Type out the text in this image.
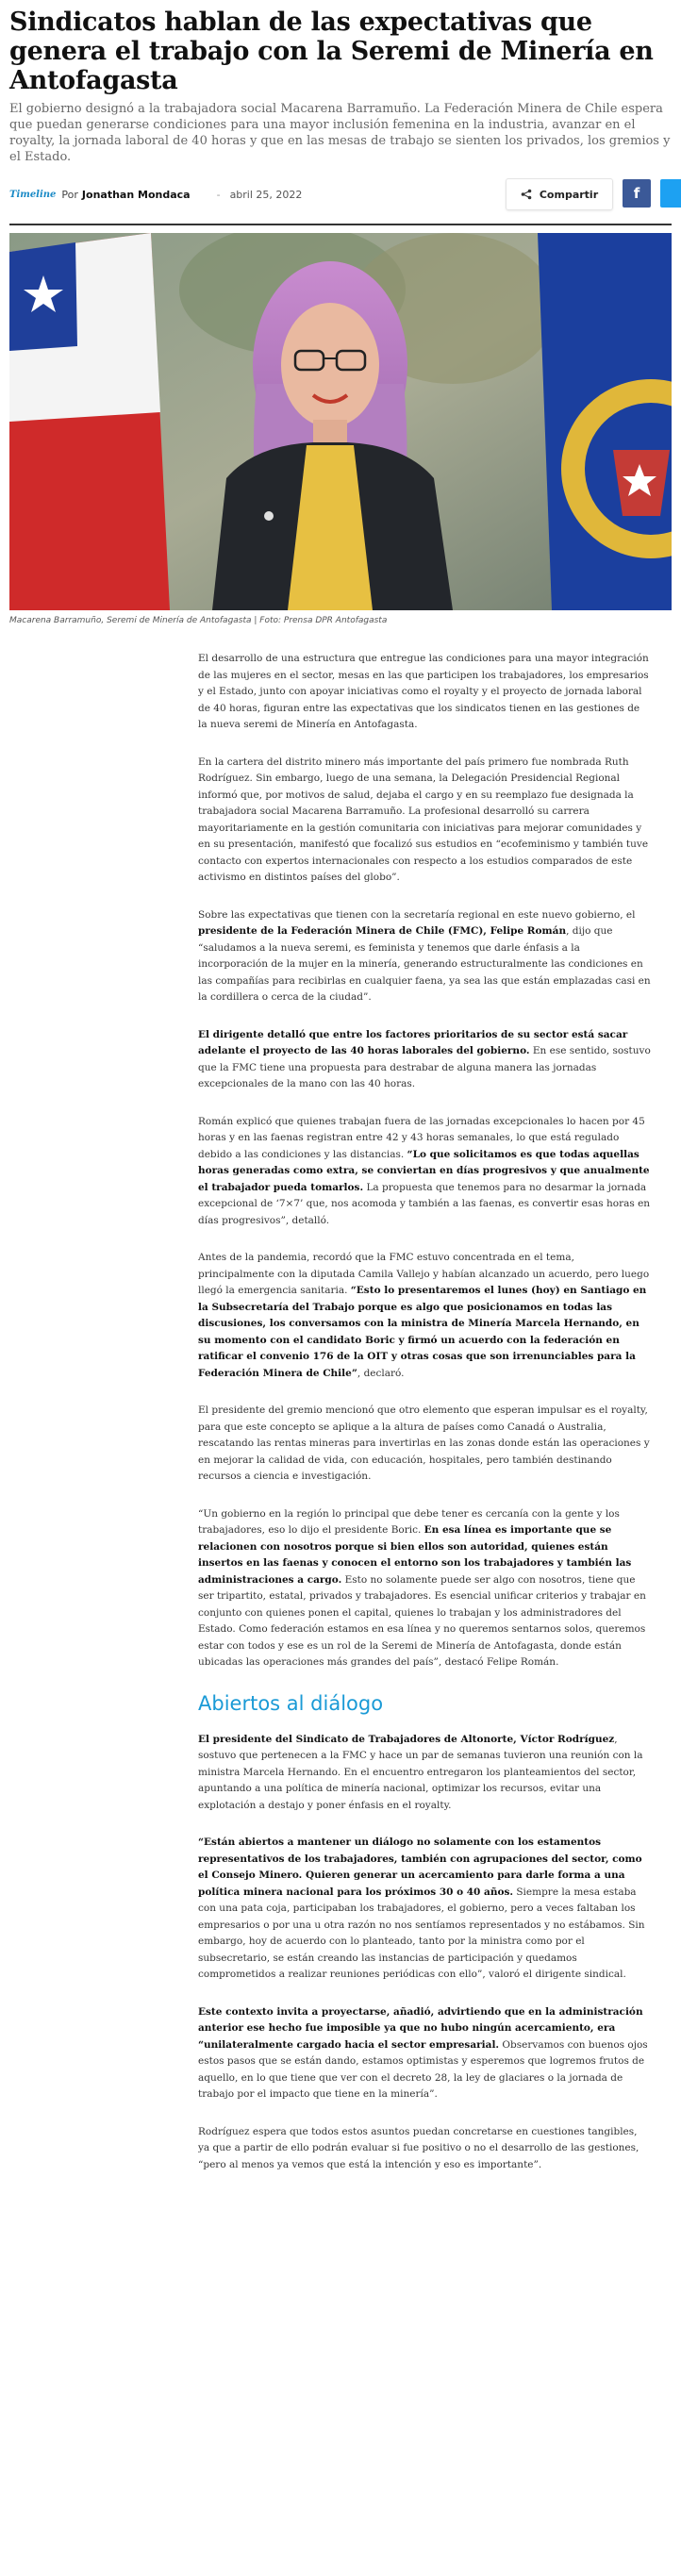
Sindicatos hablan de las expectativas que genera el trabajo con la Seremi de Minería en Antofagasta

El gobierno designó a la trabajadora social Macarena Barramuño. La Federación Minera de Chile espera que puedan generarse condiciones para una mayor inclusión femenina en la industria, avanzar en el royalty, la jornada laboral de 40 horas y que en las mesas de trabajo se sienten los privados, los gremios y el Estado.

Timeline Por Jonathan Mondaca	- abril 25, 2022	Compartir	f

Macarena Barramuño, Seremi de Minería de Antofagasta | Foto: Prensa DPR Antofagasta

El desarrollo de una estructura que entregue las condiciones para una mayor integración de las mujeres en el sector, mesas en las que participen los trabajadores, los empresarios y el Estado, junto con apoyar iniciativas como el royalty y el proyecto de jornada laboral de 40 horas, figuran entre las expectativas que los sindicatos tienen en las gestiones de la nueva seremi de Minería en Antofagasta.

En la cartera del distrito minero más importante del país primero fue nombrada Ruth Rodríguez. Sin embargo, luego de una semana, la Delegación Presidencial Regional informó que, por motivos de salud, dejaba el cargo y en su reemplazo fue designada la trabajadora social Macarena Barramuño. La profesional desarrolló su carrera mayoritariamente en la gestión comunitaria con iniciativas para mejorar comunidades y en su presentación, manifestó que focalizó sus estudios en “ecofeminismo y también tuve contacto con expertos internacionales con respecto a los estudios comparados de este activismo en distintos países del globo”.

Sobre las expectativas que tienen con la secretaría regional en este nuevo gobierno, el presidente de la Federación Minera de Chile (FMC), Felipe Román, dijo que “saludamos a la nueva seremi, es feminista y tenemos que darle énfasis a la incorporación de la mujer en la minería, generando estructuralmente las condiciones en las compañías para recibirlas en cualquier faena, ya sea las que están emplazadas casi en la cordillera o cerca de la ciudad”.

El dirigente detalló que entre los factores prioritarios de su sector está sacar adelante el proyecto de las 40 horas laborales del gobierno. En ese sentido, sostuvo que la FMC tiene una propuesta para destrabar de alguna manera las jornadas excepcionales de la mano con las 40 horas.

Román explicó que quienes trabajan fuera de las jornadas excepcionales lo hacen por 45 horas y en las faenas registran entre 42 y 43 horas semanales, lo que está regulado debido a las condiciones y las distancias. “Lo que solicitamos es que todas aquellas horas generadas como extra, se conviertan en días progresivos y que anualmente el trabajador pueda tomarlos. La propuesta que tenemos para no desarmar la jornada excepcional de ‘7×7’ que, nos acomoda y también a las faenas, es convertir esas horas en días progresivos”, detalló.

Antes de la pandemia, recordó que la FMC estuvo concentrada en el tema, principalmente con la diputada Camila Vallejo y habían alcanzado un acuerdo, pero luego llegó la emergencia sanitaria. “Esto lo presentaremos el lunes (hoy) en Santiago en la Subsecretaría del Trabajo porque es algo que posicionamos en todas las discusiones, los conversamos con la ministra de Minería Marcela Hernando, en su momento con el candidato Boric y firmó un acuerdo con la federación en ratificar el convenio 176 de la OIT y otras cosas que son irrenunciables para la Federación Minera de Chile”, declaró.

El presidente del gremio mencionó que otro elemento que esperan impulsar es el royalty, para que este concepto se aplique a la altura de países como Canadá o Australia, rescatando las rentas mineras para invertirlas en las zonas donde están las operaciones y en mejorar la calidad de vida, con educación, hospitales, pero también destinando recursos a ciencia e investigación.

“Un gobierno en la región lo principal que debe tener es cercanía con la gente y los trabajadores, eso lo dijo el presidente Boric. En esa línea es importante que se relacionen con nosotros porque si bien ellos son autoridad, quienes están insertos en las faenas y conocen el entorno son los trabajadores y también las administraciones a cargo. Esto no solamente puede ser algo con nosotros, tiene que ser tripartito, estatal, privados y trabajadores. Es esencial unificar criterios y trabajar en conjunto con quienes ponen el capital, quienes lo trabajan y los administradores del Estado. Como federación estamos en esa línea y no queremos sentarnos solos, queremos estar con todos y ese es un rol de la Seremi de Minería de Antofagasta, donde están ubicadas las operaciones más grandes del país”, destacó Felipe Román.

Abiertos al diálogo

El presidente del Sindicato de Trabajadores de Altonorte, Víctor Rodríguez, sostuvo que pertenecen a la FMC y hace un par de semanas tuvieron una reunión con la ministra Marcela Hernando. En el encuentro entregaron los planteamientos del sector, apuntando a una política de minería nacional, optimizar los recursos, evitar una explotación a destajo y poner énfasis en el royalty.

“Están abiertos a mantener un diálogo no solamente con los estamentos representativos de los trabajadores, también con agrupaciones del sector, como el Consejo Minero. Quieren generar un acercamiento para darle forma a una política minera nacional para los próximos 30 o 40 años. Siempre la mesa estaba con una pata coja, participaban los trabajadores, el gobierno, pero a veces faltaban los empresarios o por una u otra razón no nos sentíamos representados y no estábamos. Sin embargo, hoy de acuerdo con lo planteado, tanto por la ministra como por el subsecretario, se están creando las instancias de participación y quedamos comprometidos a realizar reuniones periódicas con ello”, valoró el dirigente sindical.

Este contexto invita a proyectarse, añadió, advirtiendo que en la administración anterior ese hecho fue imposible ya que no hubo ningún acercamiento, era “unilateralmente cargado hacia el sector empresarial. Observamos con buenos ojos estos pasos que se están dando, estamos optimistas y esperemos que logremos frutos de aquello, en lo que tiene que ver con el decreto 28, la ley de glaciares o la jornada de trabajo por el impacto que tiene en la minería”.

Rodríguez espera que todos estos asuntos puedan concretarse en cuestiones tangibles, ya que a partir de ello podrán evaluar si fue positivo o no el desarrollo de las gestiones, “pero al menos ya vemos que está la intención y eso es importante”.
